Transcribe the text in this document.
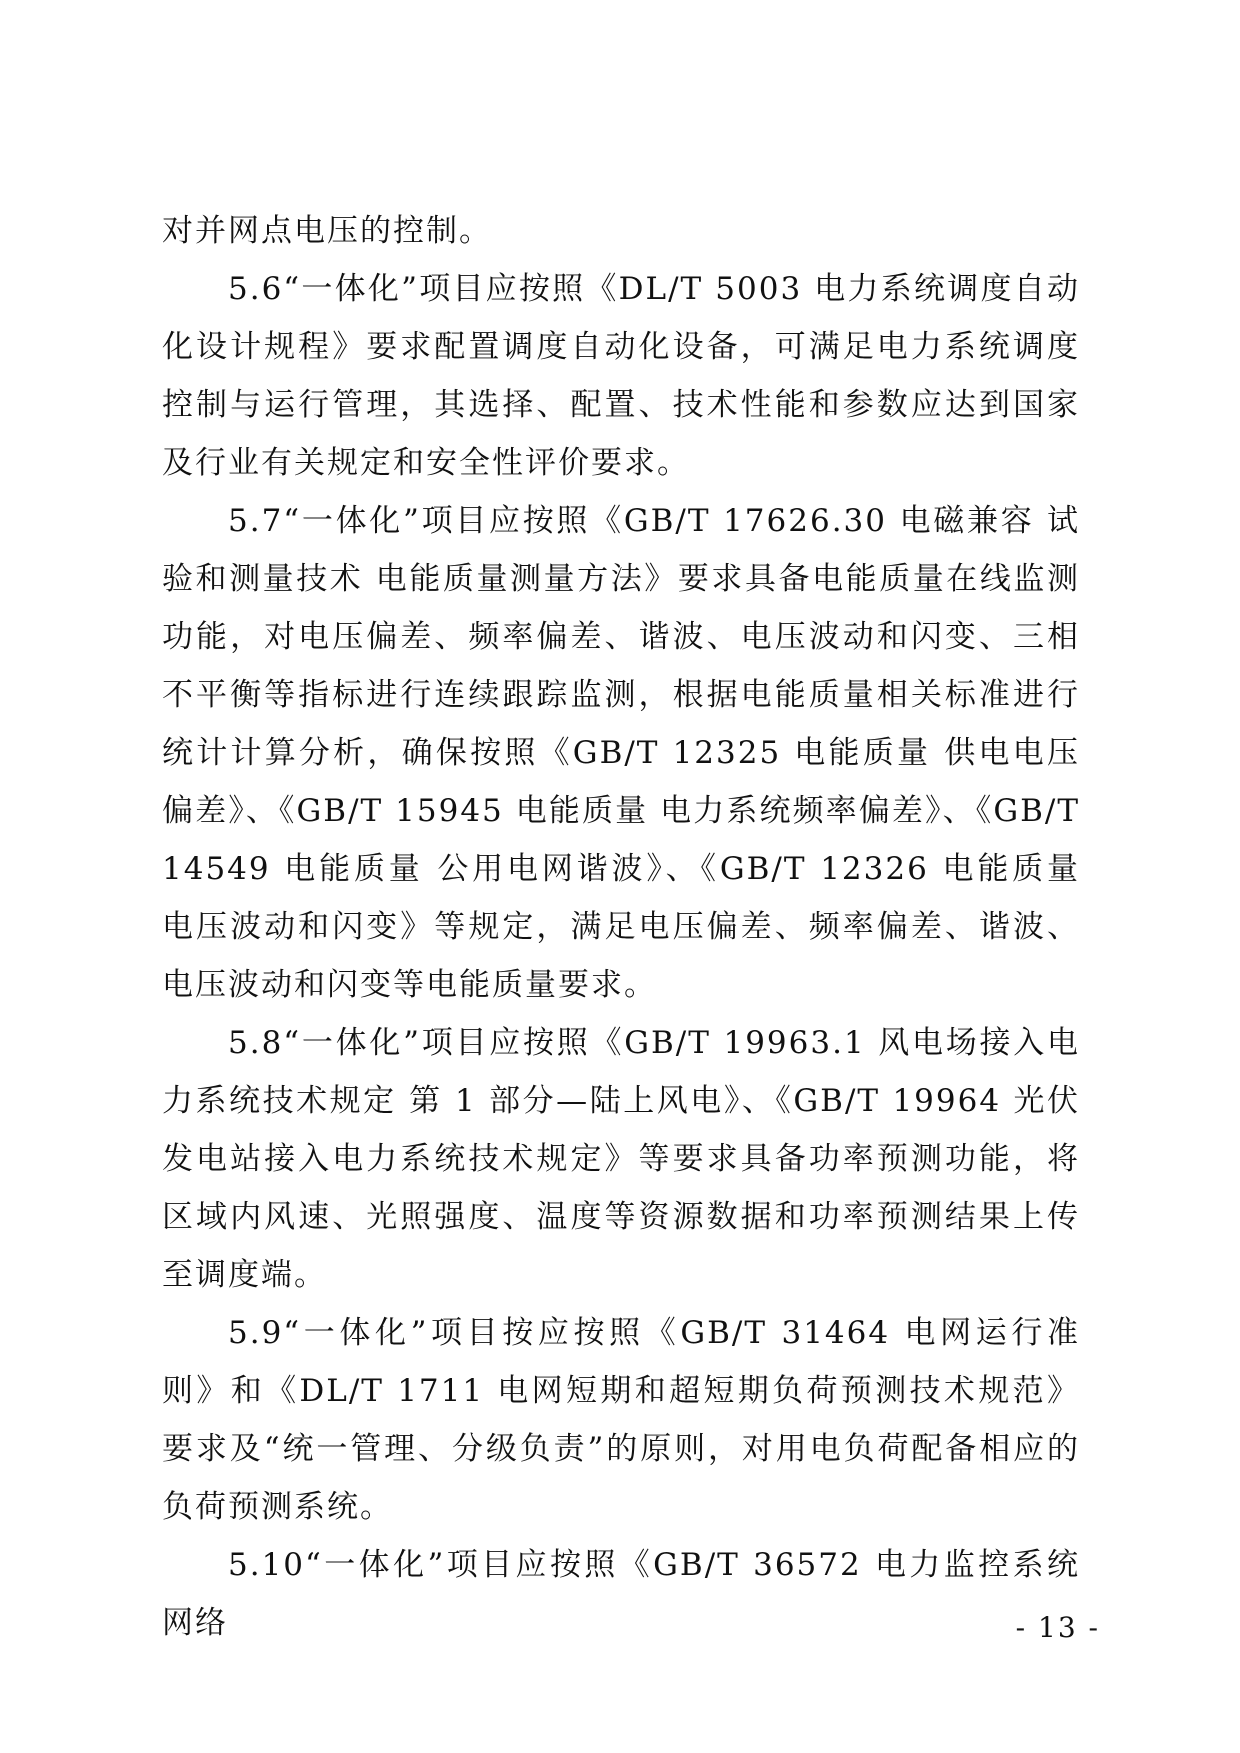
对并网点电压的控制。

5.6“一体化”项目应按照《DL/T 5003 电力系统调度自动化设计规程》要求配置调度自动化设备，可满足电力系统调度控制与运行管理，其选择、配置、技术性能和参数应达到国家及行业有关规定和安全性评价要求。

5.7“一体化”项目应按照《GB/T 17626.30 电磁兼容 试验和测量技术 电能质量测量方法》要求具备电能质量在线监测功能，对电压偏差、频率偏差、谐波、电压波动和闪变、三相不平衡等指标进行连续跟踪监测，根据电能质量相关标准进行统计计算分析，确保按照《GB/T 12325 电能质量 供电电压偏差》、《GB/T 15945 电能质量 电力系统频率偏差》、《GB/T 14549 电能质量 公用电网谐波》、《GB/T 12326 电能质量 电压波动和闪变》等规定，满足电压偏差、频率偏差、谐波、电压波动和闪变等电能质量要求。

5.8“一体化”项目应按照《GB/T 19963.1 风电场接入电力系统技术规定 第 1 部分—陆上风电》、《GB/T 19964 光伏发电站接入电力系统技术规定》等要求具备功率预测功能，将区域内风速、光照强度、温度等资源数据和功率预测结果上传至调度端。

5.9“一体化”项目按应按照《GB/T 31464 电网运行准则》和《DL/T 1711 电网短期和超短期负荷预测技术规范》要求及“统一管理、分级负责”的原则，对用电负荷配备相应的负荷预测系统。

5.10“一体化”项目应按照《GB/T 36572 电力监控系统网络	- 13 -
